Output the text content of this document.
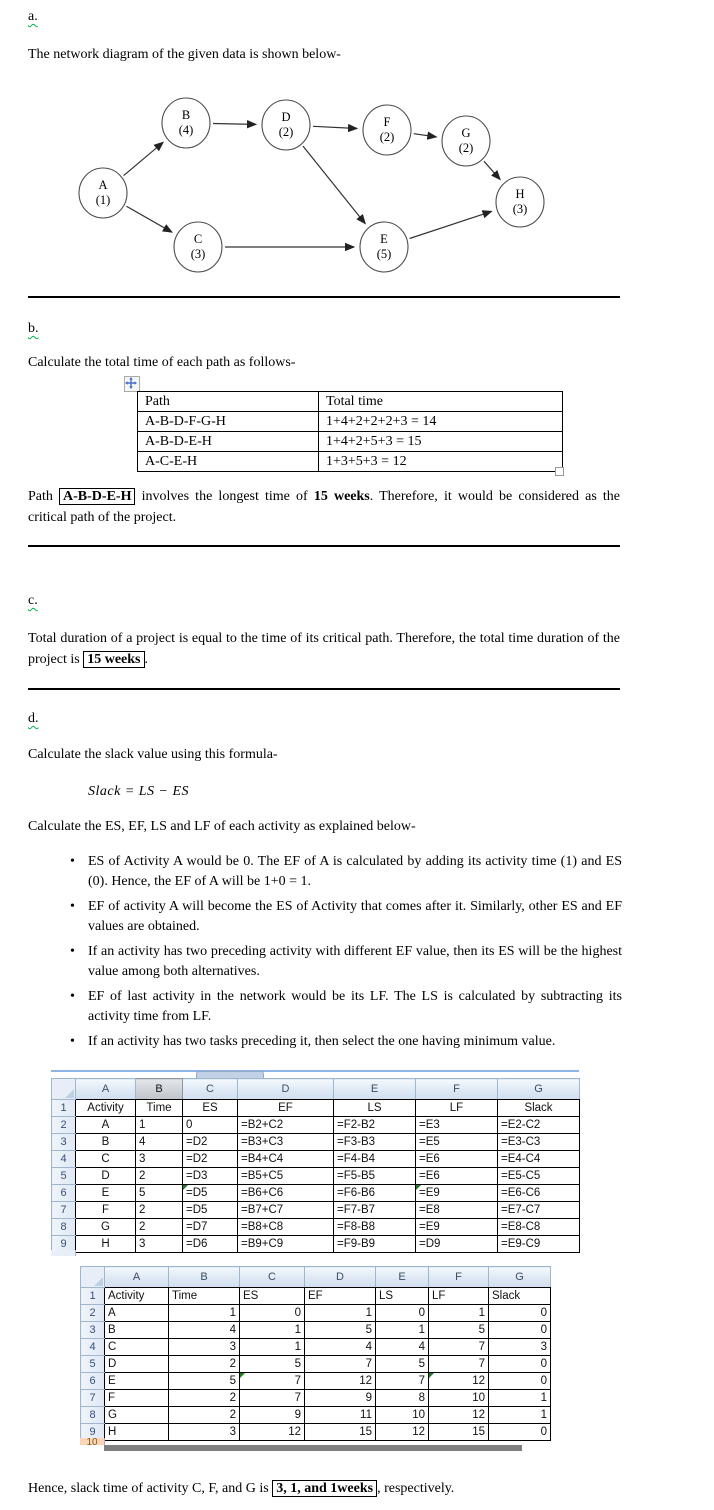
a.
The network diagram of the given data is shown below-
A
(1)
B
(4)
C
(3)
D
(2)
E
(5)
F
(2)	G
(2)
H
(3)
b.
Calculate the total time of each path as follows-
Path	Total time
A-B-D-F-G-H	1+4+2+2+2+3 = 14
A-B-D-E-H	1+4+2+5+3 = 15
A-C-E-H	1+3+5+3 = 12
Path A-B-D-E-H involves the longest time of 15 weeks. Therefore, it would be considered as the critical path of the project.
c.
Total duration of a project is equal to the time of its critical path. Therefore, the total time duration of the project is 15 weeks .
d.
Calculate the slack value using this formula-
Slack = LS − ES
Calculate the ES, EF, LS and LF of each activity as explained below-
• ES of Activity A would be 0. The EF of A is calculated by adding its activity time (1) and ES (0). Hence, the EF of A will be 1+0 = 1.
• EF of activity A will become the ES of Activity that comes after it. Similarly, other ES and EF values are obtained.
• If an activity has two preceding activity with different EF value, then its ES will be the highest value among both alternatives.
• EF of last activity in the network would be its LF. The LS is calculated by subtracting its activity time from LF.
• If an activity has two tasks preceding it, then select the one having minimum value.
	A	B	C	D	E	F	G
1	Activity	Time	ES	EF	LS	LF	Slack
2	A	1	0	=B2+C2	=F2-B2	=E3	=E2-C2
3	B	4	=D2	=B3+C3	=F3-B3	=E5	=E3-C3
4	C	3	=D2	=B4+C4	=F4-B4	=E6	=E4-C4
5	D	2	=D3	=B5+C5	=F5-B5	=E6	=E5-C5
6	E	5	=D5	=B6+C6	=F6-B6	=E9	=E6-C6
7	F	2	=D5	=B7+C7	=F7-B7	=E8	=E7-C7
8	G	2	=D7	=B8+C8	=F8-B8	=E9	=E8-C8
9	H	3	=D6	=B9+C9	=F9-B9	=D9	=E9-C9
	A	B	C	D	E	F	G
1	Activity	Time	ES	EF	LS	LF	Slack
2	A	1	0	1	0	1	0
3	B	4	1	5	1	5	0
4	C	3	1	4	4	7	3
5	D	2	5	7	5	7	0
6	E	5	7	12	7	12	0
7	F	2	7	9	8	10	1
8	G	2	9	11	10	12	1
9	H	3	12	15	12	15	0
10
Hence, slack time of activity C, F, and G is 3, 1, and 1weeks , respectively.
